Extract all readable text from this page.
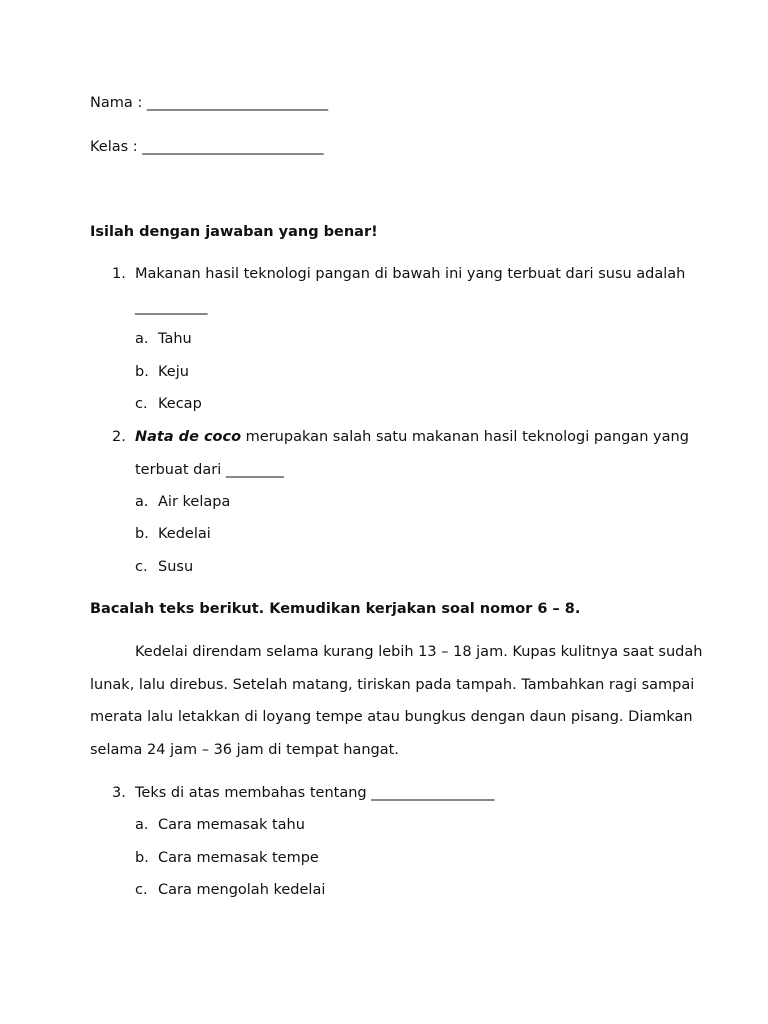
Nama : _________________________
Kelas : _________________________
Isilah dengan jawaban yang benar!
1. Makanan hasil teknologi pangan di bawah ini yang terbuat dari susu adalah
__________
a. Tahu
b. Keju
c. Kecap
2. Nata de coco merupakan salah satu makanan hasil teknologi pangan yang
terbuat dari ________
a. Air kelapa
b. Kedelai
c. Susu
Bacalah teks berikut. Kemudikan kerjakan soal nomor 6 – 8.
Kedelai direndam selama kurang lebih 13 – 18 jam. Kupas kulitnya saat sudah
lunak, lalu direbus. Setelah matang, tiriskan pada tampah. Tambahkan ragi sampai
merata lalu letakkan di loyang tempe atau bungkus dengan daun pisang. Diamkan
selama 24 jam – 36 jam di tempat hangat.
3. Teks di atas membahas tentang _________________
a. Cara memasak tahu
b. Cara memasak tempe
c. Cara mengolah kedelai
